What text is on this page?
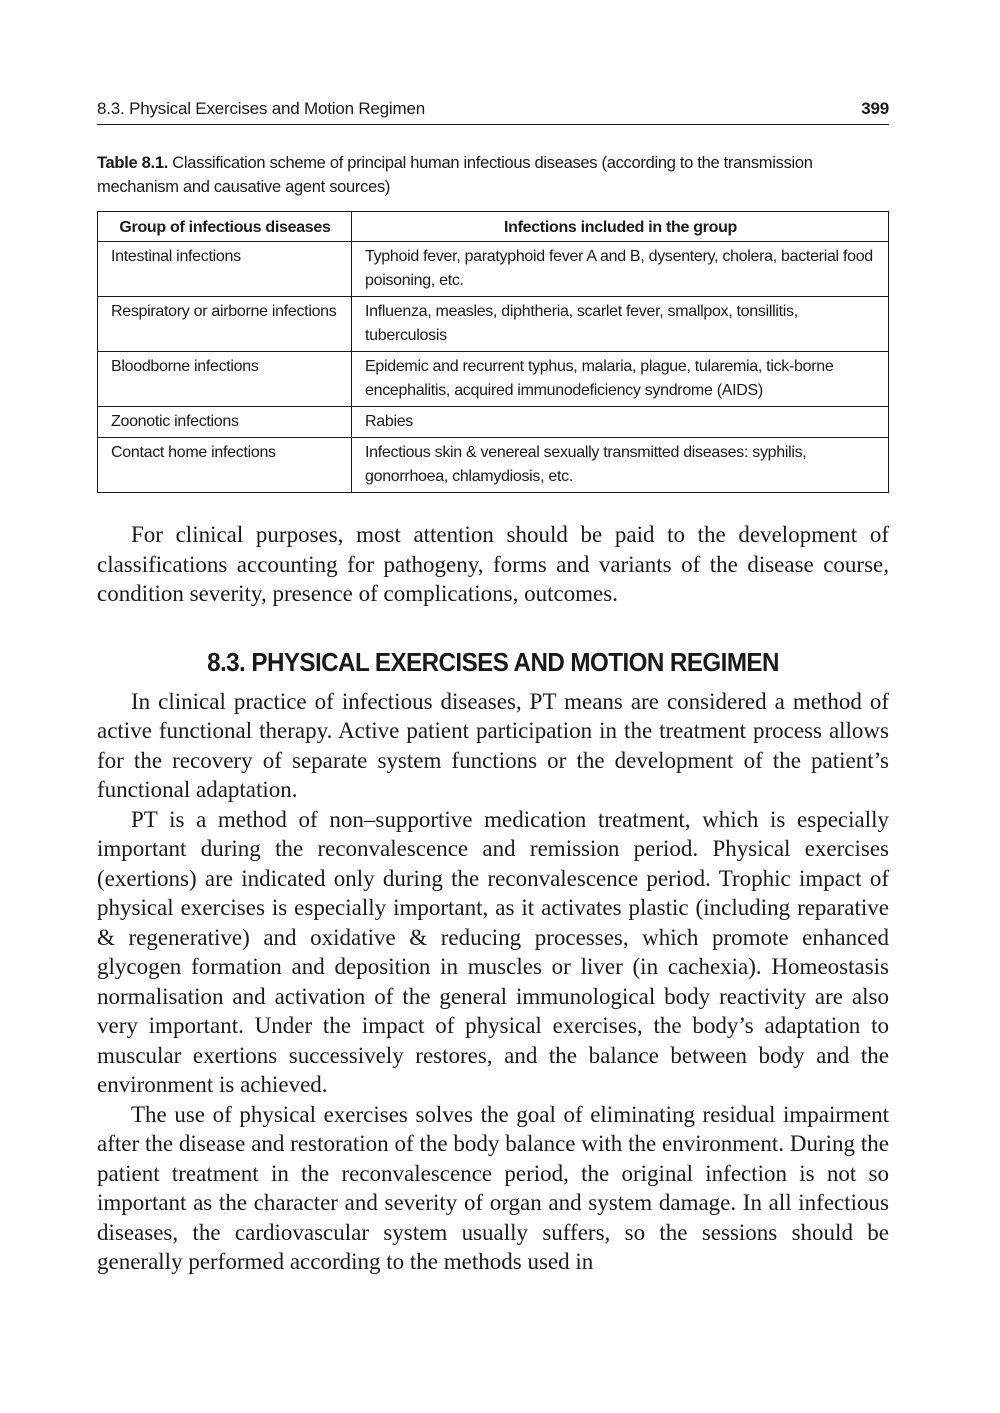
8.3. Physical Exercises and Motion Regimen	399
Table 8.1. Classification scheme of principal human infectious diseases (according to the transmission mechanism and causative agent sources)
Group of infectious diseases	Infections included in the group
Intestinal infections	Typhoid fever, paratyphoid fever A and B, dysentery, cholera, bacterial food poisoning, etc.
Respiratory or airborne infections	Influenza, measles, diphtheria, scarlet fever, smallpox, tonsillitis, tuberculosis
Bloodborne infections	Epidemic and recurrent typhus, malaria, plague, tularemia, tick-borne encephalitis, acquired immunodeficiency syndrome (AIDS)
Zoonotic infections	Rabies
Contact home infections	Infectious skin & venereal sexually transmitted diseases: syphilis, gonorrhoea, chlamydiosis, etc.

For clinical purposes, most attention should be paid to the development of classifications accounting for pathogeny, forms and variants of the disease course, condition severity, presence of complications, outcomes.

8.3. PHYSICAL EXERCISES AND MOTION REGIMEN

In clinical practice of infectious diseases, PT means are considered a method of active functional therapy. Active patient participation in the treatment process allows for the recovery of separate system functions or the development of the patient’s functional adaptation.

PT is a method of non–supportive medication treatment, which is especially important during the reconvalescence and remission period. Physical exercises (exertions) are indicated only during the reconvalescence period. Trophic impact of physical exercises is especially important, as it activates plastic (including reparative & regenerative) and oxidative & reducing processes, which promote enhanced glycogen formation and deposition in muscles or liver (in cachexia). Homeostasis normalisation and activation of the general immunological body reactivity are also very important. Under the impact of physical exercises, the body’s adaptation to muscular exertions successively restores, and the balance between body and the environment is achieved.

The use of physical exercises solves the goal of eliminating residual impairment after the disease and restoration of the body balance with the environment. During the patient treatment in the reconvalescence period, the original infection is not so important as the character and severity of organ and system damage. In all infectious diseases, the cardiovascular system usually suffers, so the sessions should be generally performed according to the methods used in
